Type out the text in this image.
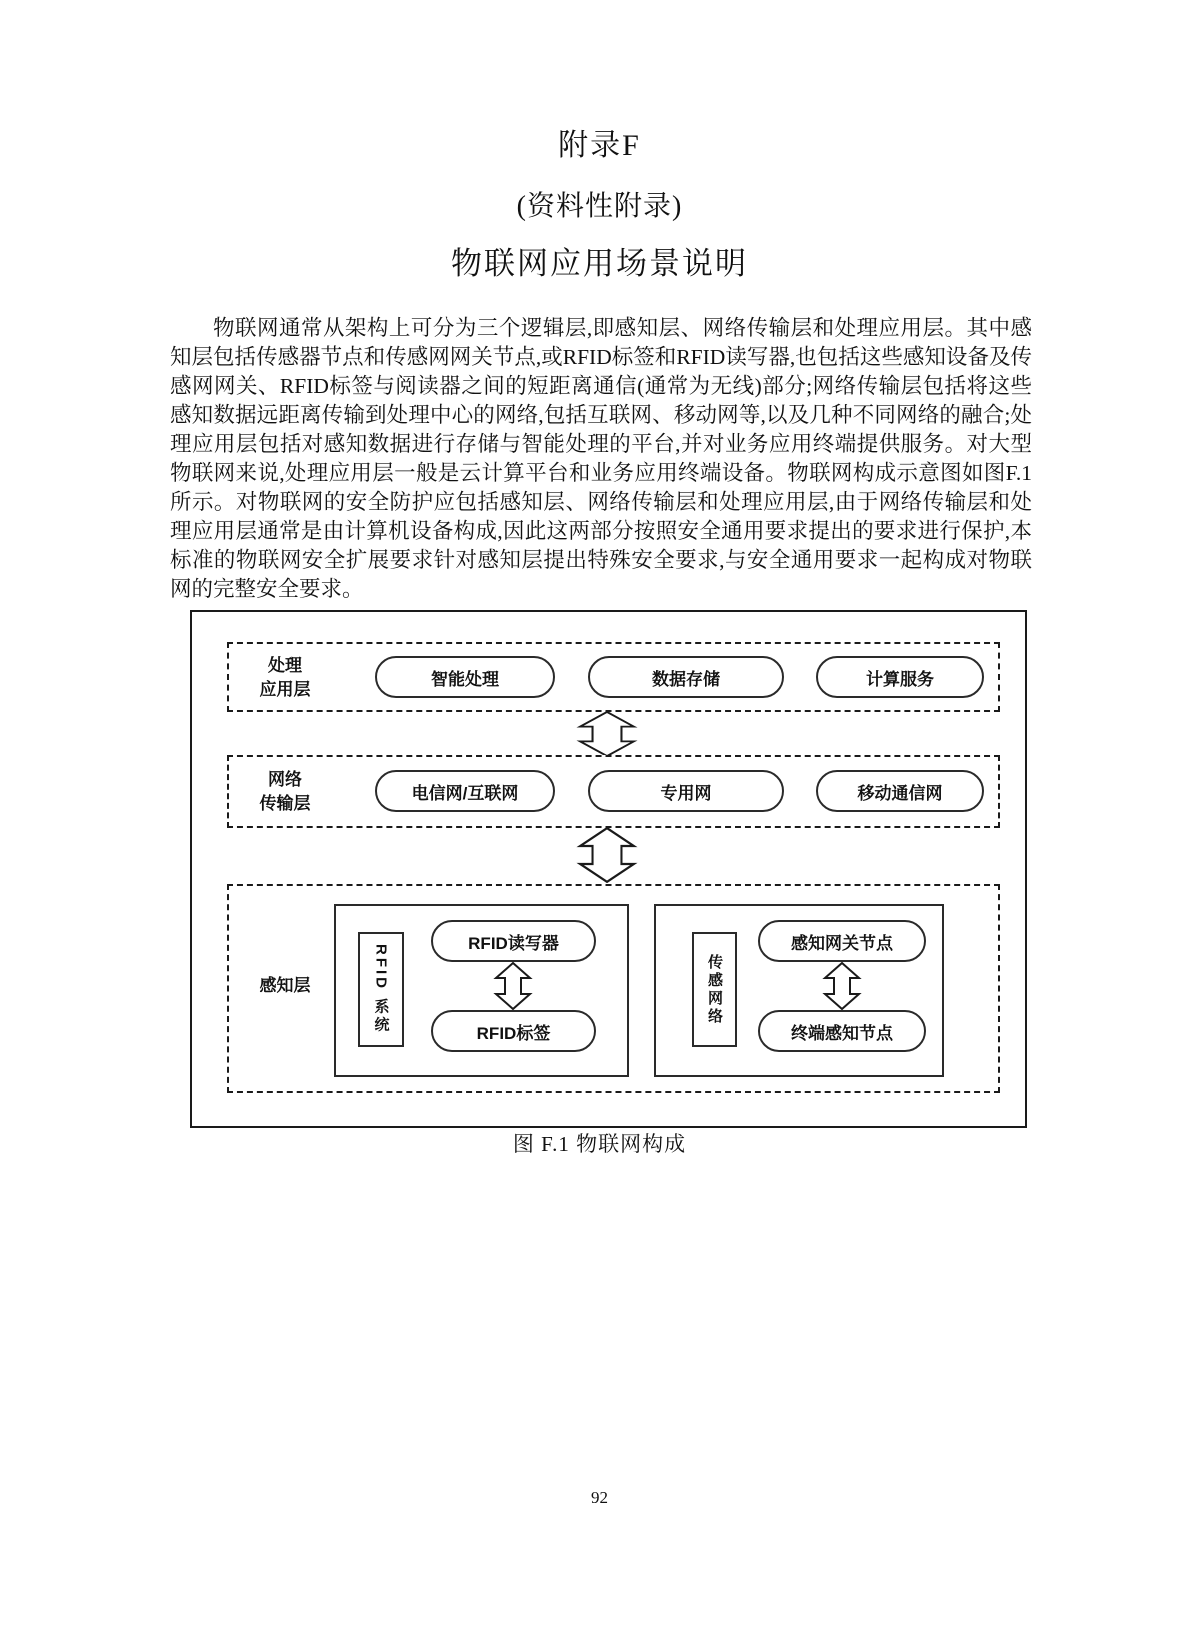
附录F
(资料性附录)
物联网应用场景说明

物联网通常从架构上可分为三个逻辑层,即感知层、网络传输层和处理应用层。其中感知层包括传感器节点和传感网网关节点,或RFID标签和RFID读写器,也包括这些感知设备及传感网网关、RFID标签与阅读器之间的短距离通信(通常为无线)部分;网络传输层包括将这些感知数据远距离传输到处理中心的网络,包括互联网、移动网等,以及几种不同网络的融合;处理应用层包括对感知数据进行存储与智能处理的平台,并对业务应用终端提供服务。对大型物联网来说,处理应用层一般是云计算平台和业务应用终端设备。物联网构成示意图如图F.1所示。对物联网的安全防护应包括感知层、网络传输层和处理应用层,由于网络传输层和处理应用层通常是由计算机设备构成,因此这两部分按照安全通用要求提出的要求进行保护,本标准的物联网安全扩展要求针对感知层提出特殊安全要求,与安全通用要求一起构成对物联网的完整安全要求。

处理
应用层
智能处理	数据存储	计算服务
网络
传输层
电信网/互联网	专用网	移动通信网
感知层	RFID 系统
RFID读写器
RFID标签
传感网络
感知网关节点
终端感知节点
图 F.1 物联网构成
92
